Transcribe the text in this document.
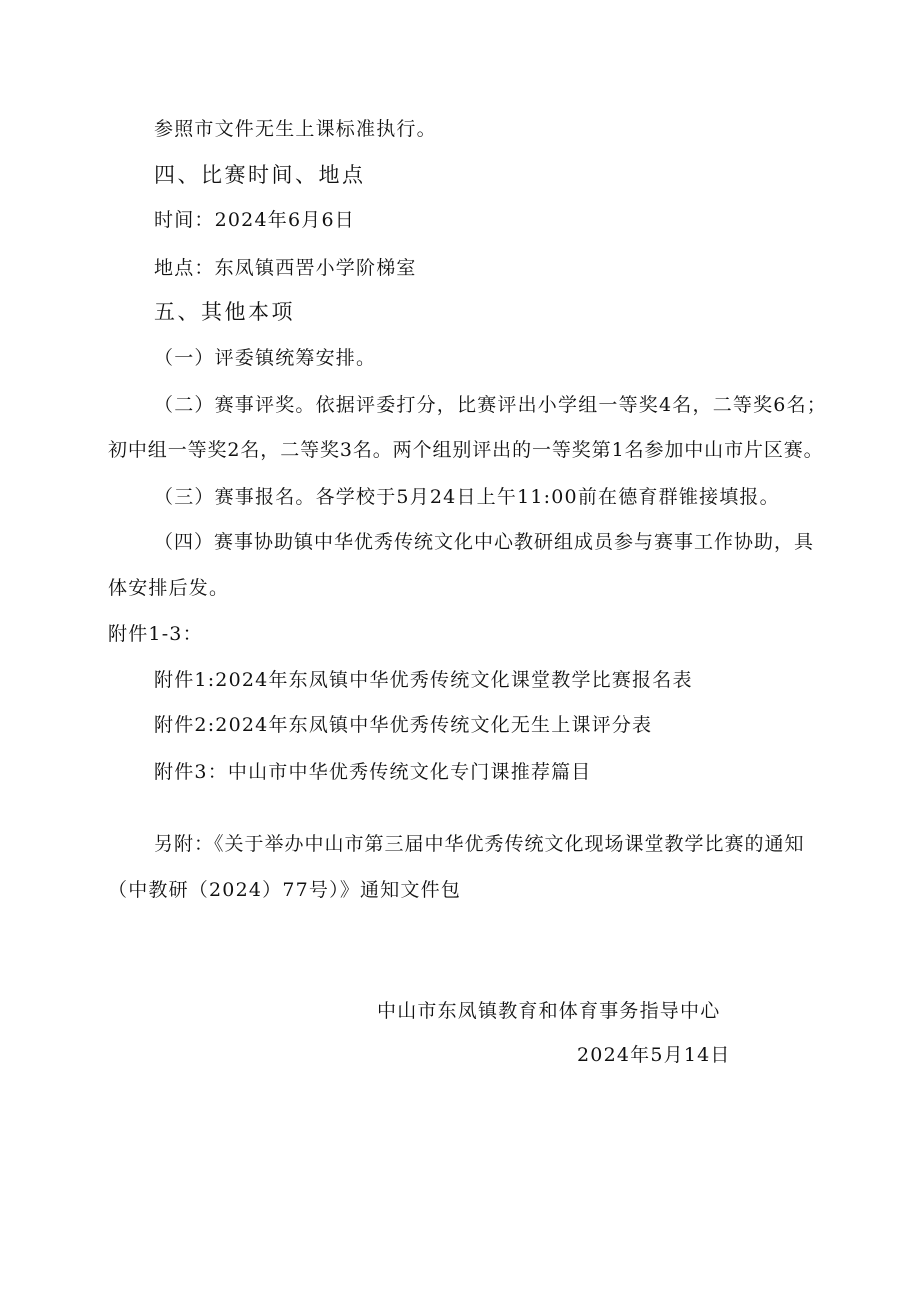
参照市文件无生上课标准执行。
四、比赛时间、地点
时间：2024年6月6日
地点：东凤镇西罟小学阶梯室
五、其他本项
（一）评委镇统筹安排。
（二）赛事评奖。依据评委打分，比赛评出小学组一等奖4名，二等奖6名；
初中组一等奖2名，二等奖3名。两个组别评出的一等奖第1名参加中山市片区赛。
（三）赛事报名。各学校于5月24日上午11:00前在德育群锥接填报。
（四）赛事协助镇中华优秀传统文化中心教研组成员参与赛事工作协助，具
体安排后发。
附件1-3：
附件1:2024年东凤镇中华优秀传统文化课堂教学比赛报名表
附件2:2024年东凤镇中华优秀传统文化无生上课评分表
附件3：中山市中华优秀传统文化专门课推荐篇目
另附：《关于举办中山市第三届中华优秀传统文化现场课堂教学比赛的通知
（中教研（2024）77号）》通知文件包
中山市东凤镇教育和体育事务指导中心
2024年5月14日
